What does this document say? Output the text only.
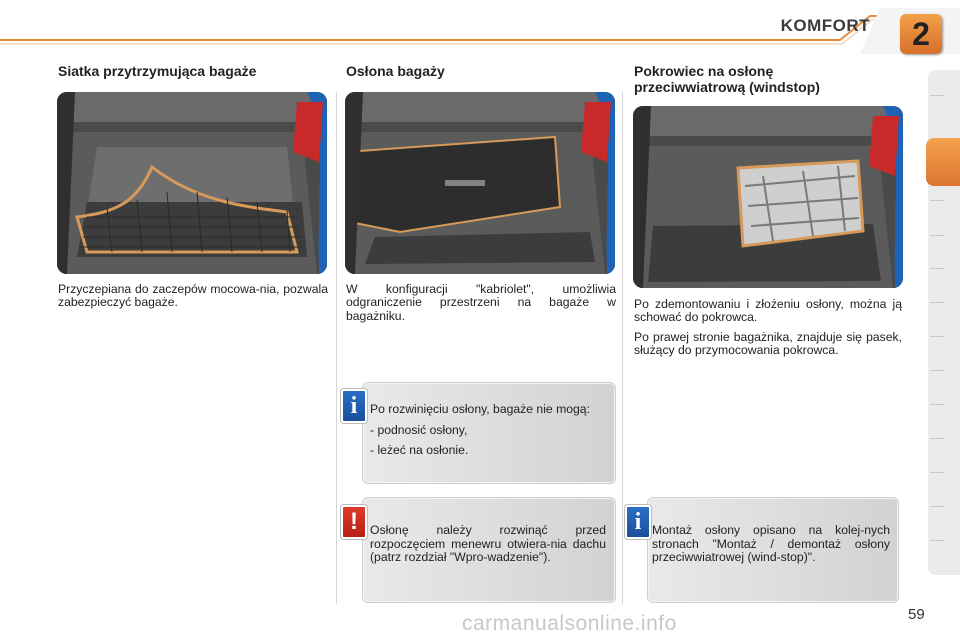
KOMFORT	2
Siatka przytrzymująca bagaże

Przyczepiana do zaczepów mocowa-nia, pozwala zabezpieczyć bagaże.

Osłona bagaży

W konfiguracji "kabriolet", umożliwia odgraniczenie przestrzeni na bagaże w bagażniku.

Pokrowiec na osłonę
przeciwwiatrową (windstop)

Po zdemontowaniu i złożeniu osłony, można ją schować do pokrowca.

Po prawej stronie bagażnika, znajduje się pasek, służący do przymocowania pokrowca.

i	Po rozwinięciu osłony, bagaże nie mogą:

- podnosić osłony,

- leżeć na osłonie.

! Osłonę należy rozwinąć przed rozpoczęciem menewru otwiera-nia dachu (patrz rozdział "Wpro-wadzenie").

i Montaż osłony opisano na kolej-nych stronach "Montaż / demontaż osłony przeciwwiatrowej (wind-stop)".

59
carmanualsonline.info
